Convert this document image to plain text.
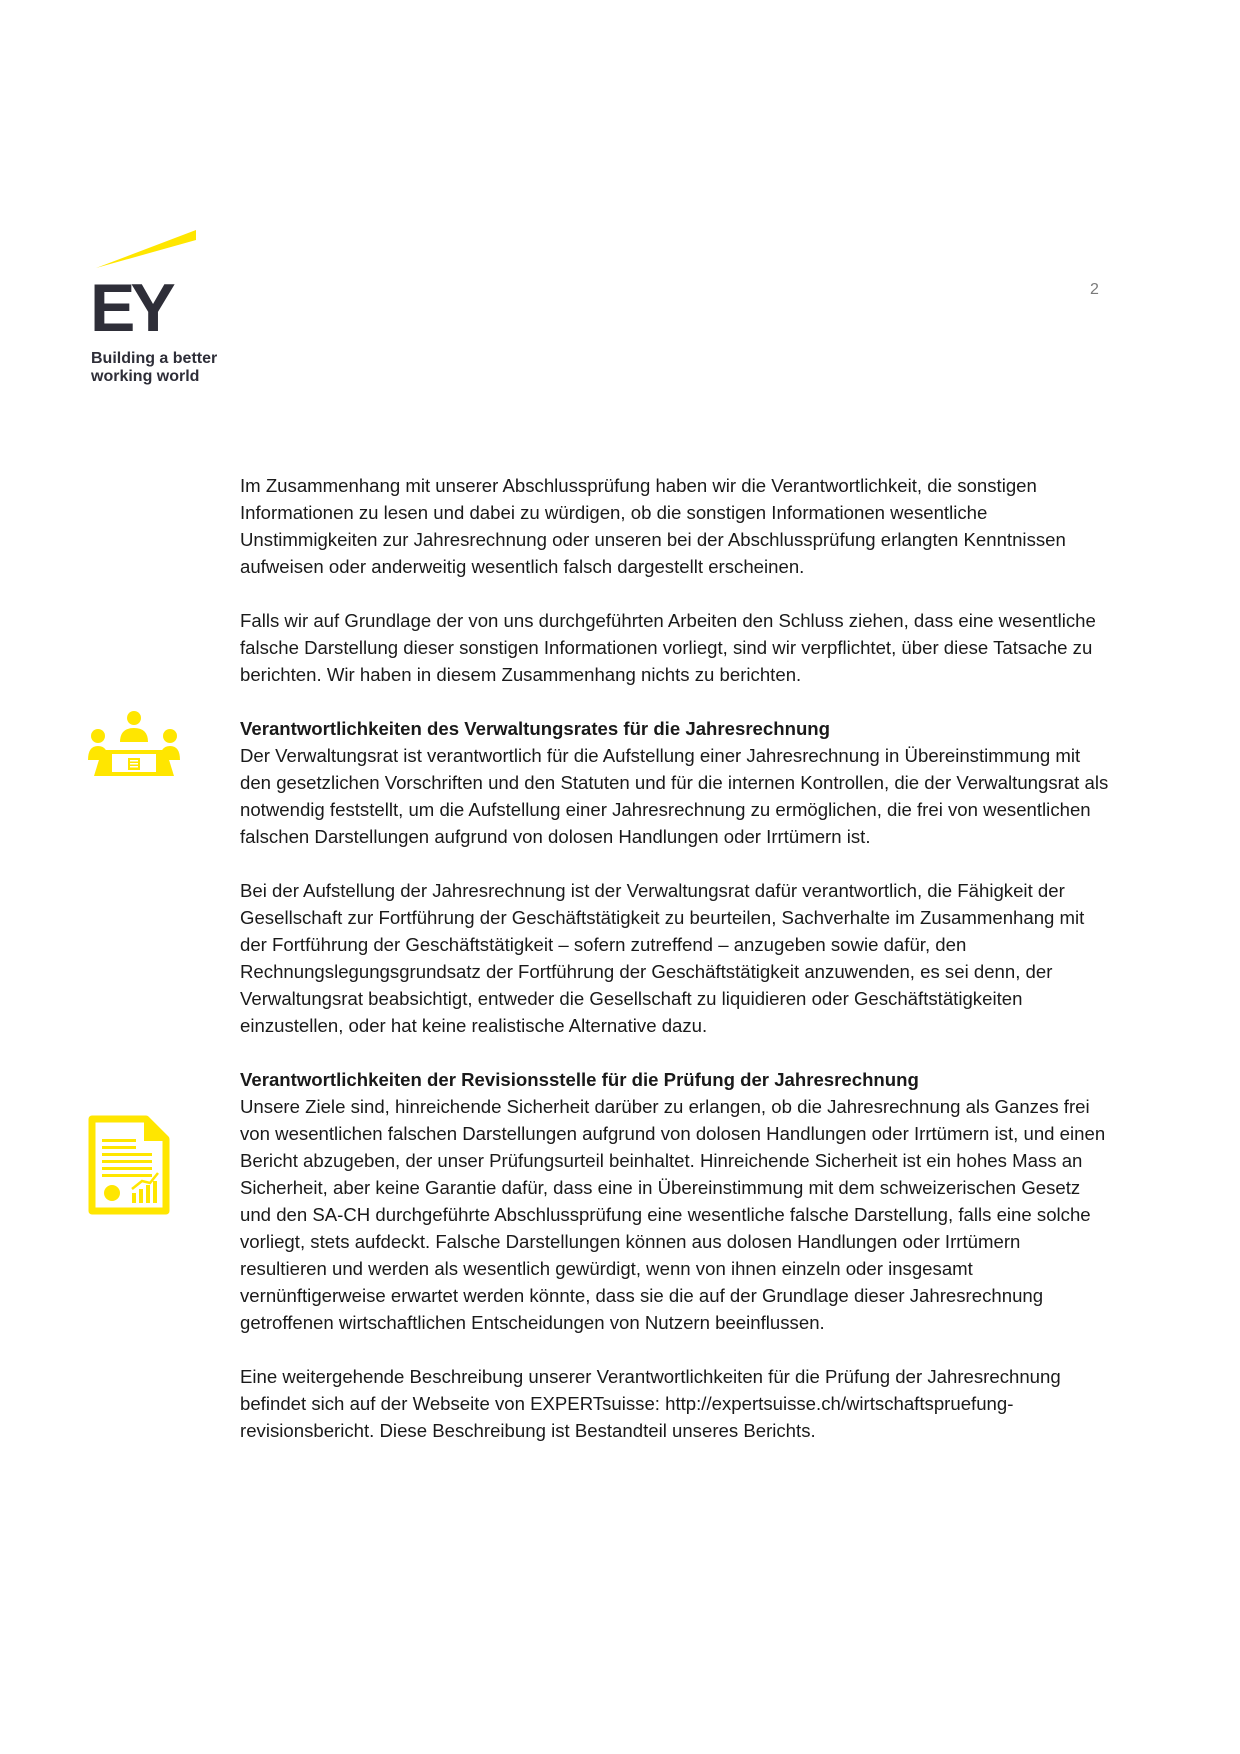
EY
Building a better working world
2

Im Zusammenhang mit unserer Abschlussprüfung haben wir die Verantwortlichkeit, die sonstigen Informationen zu lesen und dabei zu würdigen, ob die sonstigen Informationen wesentliche Unstimmigkeiten zur Jahresrechnung oder unseren bei der Abschlussprüfung erlangten Kenntnissen aufweisen oder anderweitig wesentlich falsch dargestellt erscheinen.

Falls wir auf Grundlage der von uns durchgeführten Arbeiten den Schluss ziehen, dass eine wesentliche falsche Darstellung dieser sonstigen Informationen vorliegt, sind wir verpflichtet, über diese Tatsache zu berichten. Wir haben in diesem Zusammenhang nichts zu berichten.

Verantwortlichkeiten des Verwaltungsrates für die Jahresrechnung
Der Verwaltungsrat ist verantwortlich für die Aufstellung einer Jahresrechnung in Übereinstimmung mit den gesetzlichen Vorschriften und den Statuten und für die internen Kontrollen, die der Verwaltungsrat als notwendig feststellt, um die Aufstellung einer Jahresrechnung zu ermöglichen, die frei von wesentlichen falschen Darstellungen aufgrund von dolosen Handlungen oder Irrtümern ist.

Bei der Aufstellung der Jahresrechnung ist der Verwaltungsrat dafür verantwortlich, die Fähigkeit der Gesellschaft zur Fortführung der Geschäftstätigkeit zu beurteilen, Sachverhalte im Zusammenhang mit der Fortführung der Geschäftstätigkeit – sofern zutreffend – anzugeben sowie dafür, den Rechnungslegungsgrundsatz der Fortführung der Geschäftstätigkeit anzuwenden, es sei denn, der Verwaltungsrat beabsichtigt, entweder die Gesellschaft zu liquidieren oder Geschäftstätigkeiten einzustellen, oder hat keine realistische Alternative dazu.

Verantwortlichkeiten der Revisionsstelle für die Prüfung der Jahresrechnung
Unsere Ziele sind, hinreichende Sicherheit darüber zu erlangen, ob die Jahresrechnung als Ganzes frei von wesentlichen falschen Darstellungen aufgrund von dolosen Handlungen oder Irrtümern ist, und einen Bericht abzugeben, der unser Prüfungsurteil beinhaltet. Hinreichende Sicherheit ist ein hohes Mass an Sicherheit, aber keine Garantie dafür, dass eine in Übereinstimmung mit dem schweizerischen Gesetz und den SA-CH durchgeführte Abschlussprüfung eine wesentliche falsche Darstellung, falls eine solche vorliegt, stets aufdeckt. Falsche Darstellungen können aus dolosen Handlungen oder Irrtümern resultieren und werden als wesentlich gewürdigt, wenn von ihnen einzeln oder insgesamt vernünftigerweise erwartet werden könnte, dass sie die auf der Grundlage dieser Jahresrechnung getroffenen wirtschaftlichen Entscheidungen von Nutzern beeinflussen.

Eine weitergehende Beschreibung unserer Verantwortlichkeiten für die Prüfung der Jahresrechnung befindet sich auf der Webseite von EXPERTsuisse: http://expertsuisse.ch/wirtschaftspruefung-revisionsbericht. Diese Beschreibung ist Bestandteil unseres Berichts.
